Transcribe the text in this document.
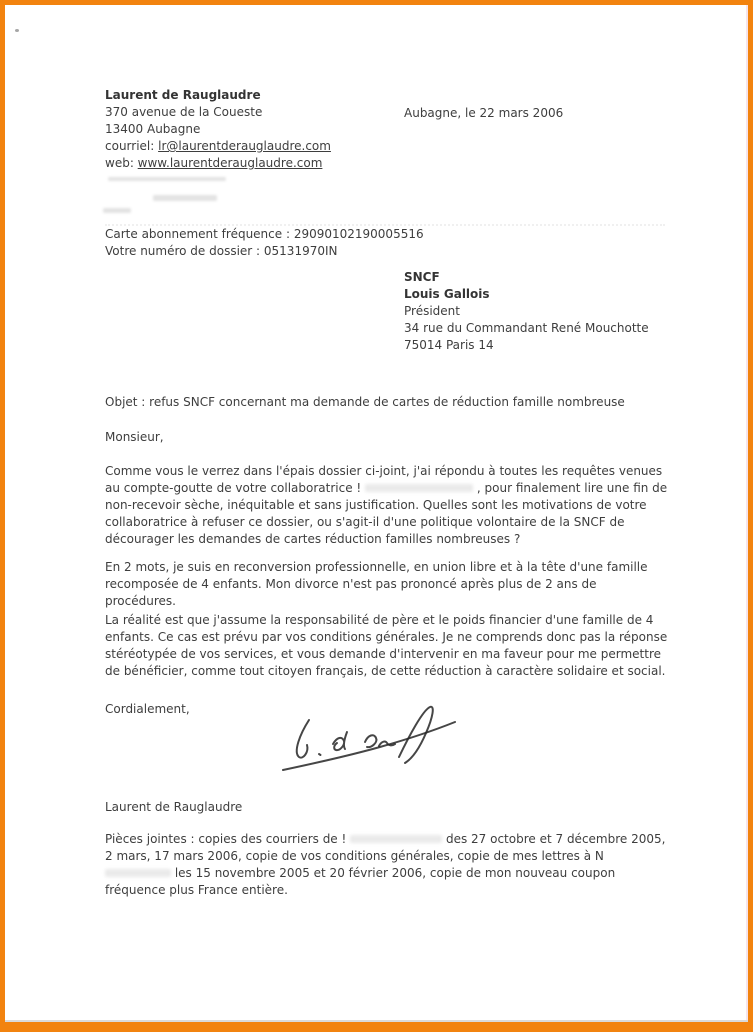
Laurent de Rauglaudre
370 avenue de la Coueste
13400 Aubagne
courriel: lr@laurentderauglaudre.com
web: www.laurentderauglaudre.com
Aubagne, le 22 mars 2006
Carte abonnement fréquence : 29090102190005516
Votre numéro de dossier : 05131970IN
SNCF
Louis Gallois
Président
34 rue du Commandant René Mouchotte
75014 Paris 14
Objet : refus SNCF concernant ma demande de cartes de réduction famille nombreuse
Monsieur,
Comme vous le verrez dans l'épais dossier ci-joint, j'ai répondu à toutes les requêtes venues au compte-goutte de votre collaboratrice !	, pour finalement lire une fin de non-recevoir sèche, inéquitable et sans justification. Quelles sont les motivations de votre collaboratrice à refuser ce dossier, ou s'agit-il d'une politique volontaire de la SNCF de décourager les demandes de cartes réduction familles nombreuses ?
En 2 mots, je suis en reconversion professionnelle, en union libre et à la tête d'une famille recomposée de 4 enfants. Mon divorce n'est pas prononcé après plus de 2 ans de procédures.
La réalité est que j'assume la responsabilité de père et le poids financier d'une famille de 4 enfants. Ce cas est prévu par vos conditions générales. Je ne comprends donc pas la réponse stéréotypée de vos services, et vous demande d'intervenir en ma faveur pour me permettre de bénéficier, comme tout citoyen français, de cette réduction à caractère solidaire et social.
Cordialement,
Laurent de Rauglaudre
Pièces jointes : copies des courriers de !	des 27 octobre et 7 décembre 2005, 2 mars, 17 mars 2006, copie de vos conditions générales, copie de mes lettres à N  les 15 novembre 2005 et 20 février 2006, copie de mon nouveau coupon fréquence plus France entière.
